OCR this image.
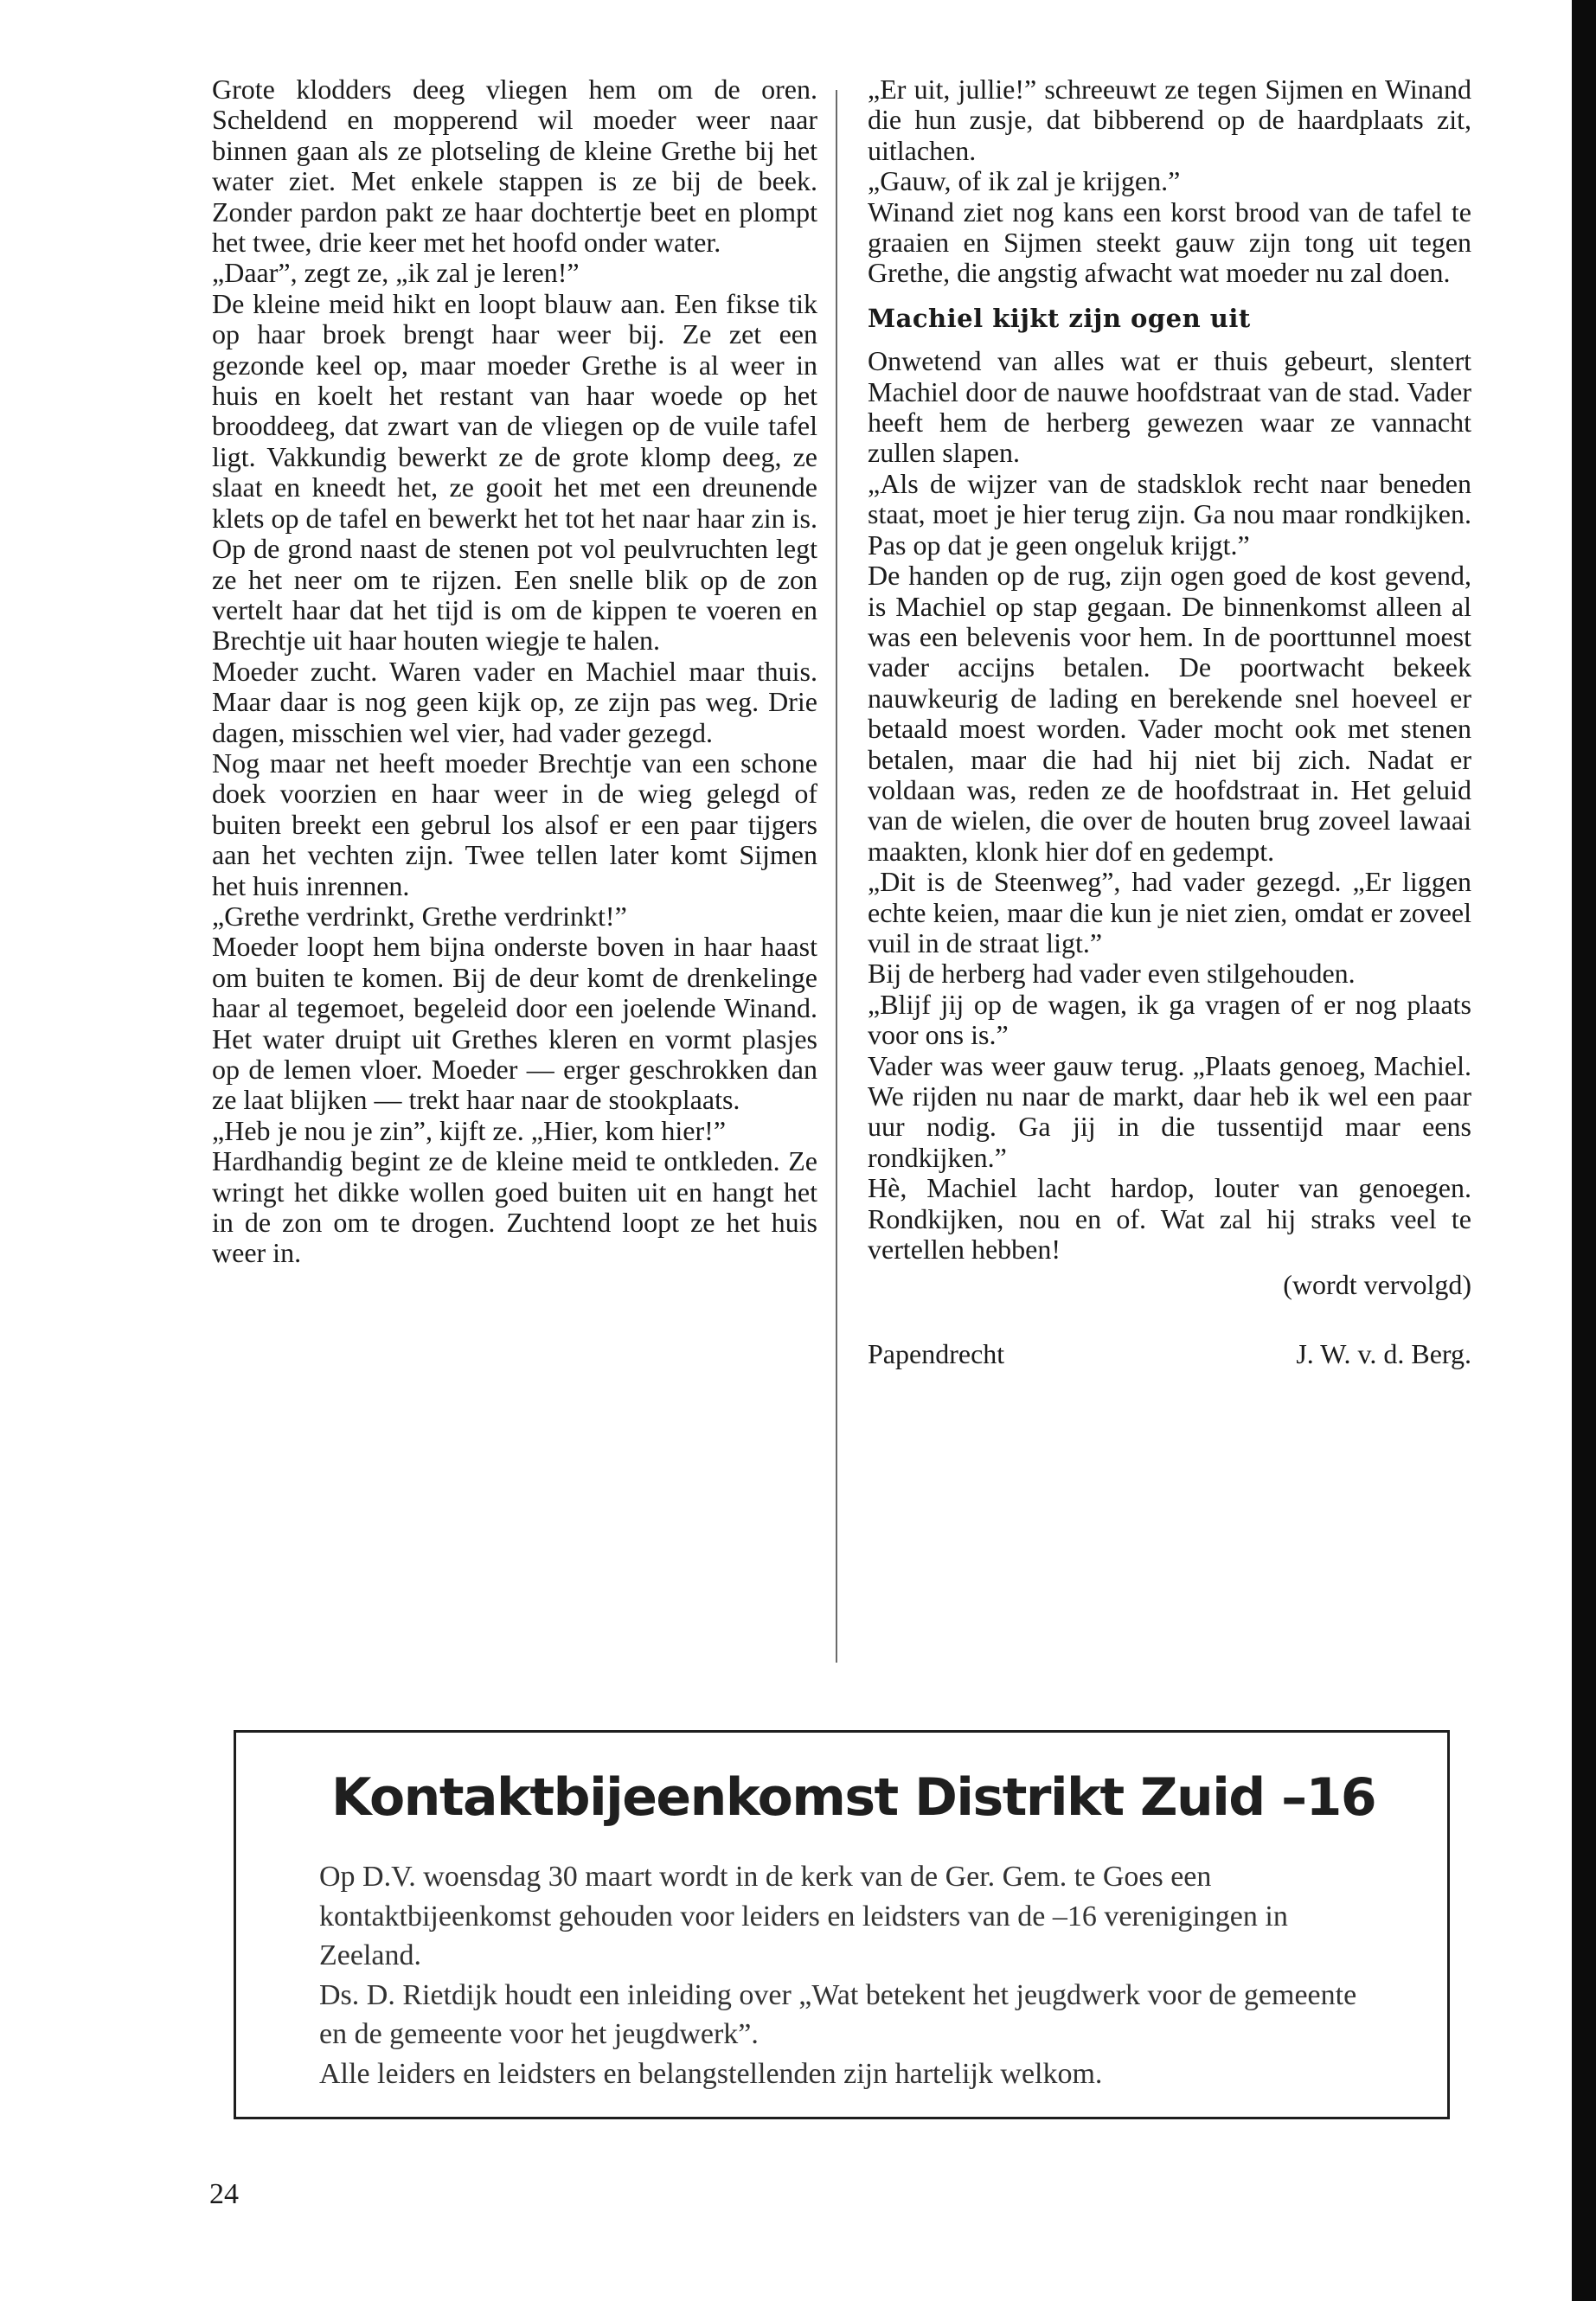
Grote klodders deeg vliegen hem om de oren. Scheldend en mopperend wil moeder weer naar binnen gaan als ze plotseling de kleine Grethe bij het water ziet. Met enkele stappen is ze bij de beek. Zonder pardon pakt ze haar dochtertje beet en plompt het twee, drie keer met het hoofd onder water.

„Daar”, zegt ze, „ik zal je leren!”

De kleine meid hikt en loopt blauw aan. Een fikse tik op haar broek brengt haar weer bij. Ze zet een gezonde keel op, maar moeder Grethe is al weer in huis en koelt het restant van haar woede op het brooddeeg, dat zwart van de vliegen op de vuile tafel ligt. Vakkundig bewerkt ze de grote klomp deeg, ze slaat en kneedt het, ze gooit het met een dreunende klets op de tafel en bewerkt het tot het naar haar zin is. Op de grond naast de stenen pot vol peulvruchten legt ze het neer om te rijzen. Een snelle blik op de zon vertelt haar dat het tijd is om de kippen te voeren en Brechtje uit haar houten wiegje te halen.

Moeder zucht. Waren vader en Machiel maar thuis. Maar daar is nog geen kijk op, ze zijn pas weg. Drie dagen, misschien wel vier, had vader gezegd.

Nog maar net heeft moeder Brechtje van een schone doek voorzien en haar weer in de wieg gelegd of buiten breekt een gebrul los alsof er een paar tijgers aan het vechten zijn. Twee tellen later komt Sijmen het huis inrennen.

„Grethe verdrinkt, Grethe verdrinkt!”

Moeder loopt hem bijna onderste boven in haar haast om buiten te komen. Bij de deur komt de drenkelinge haar al tegemoet, begeleid door een joelende Winand. Het water druipt uit Grethes kleren en vormt plasjes op de lemen vloer. Moeder — erger geschrokken dan ze laat blijken — trekt haar naar de stookplaats.

„Heb je nou je zin”, kijft ze. „Hier, kom hier!”

Hardhandig begint ze de kleine meid te ontkleden. Ze wringt het dikke wollen goed buiten uit en hangt het in de zon om te drogen. Zuchtend loopt ze het huis weer in.

„Er uit, jullie!” schreeuwt ze tegen Sijmen en Winand die hun zusje, dat bibberend op de haardplaats zit, uitlachen.

„Gauw, of ik zal je krijgen.”

Winand ziet nog kans een korst brood van de tafel te graaien en Sijmen steekt gauw zijn tong uit tegen Grethe, die angstig afwacht wat moeder nu zal doen.

Machiel kijkt zijn ogen uit

Onwetend van alles wat er thuis gebeurt, slentert Machiel door de nauwe hoofdstraat van de stad. Vader heeft hem de herberg gewezen waar ze vannacht zullen slapen.

„Als de wijzer van de stadsklok recht naar beneden staat, moet je hier terug zijn. Ga nou maar rondkijken. Pas op dat je geen ongeluk krijgt.”

De handen op de rug, zijn ogen goed de kost gevend, is Machiel op stap gegaan. De binnenkomst alleen al was een belevenis voor hem. In de poorttunnel moest vader accijns betalen. De poortwacht bekeek nauwkeurig de lading en berekende snel hoeveel er betaald moest worden. Vader mocht ook met stenen betalen, maar die had hij niet bij zich. Nadat er voldaan was, reden ze de hoofdstraat in. Het geluid van de wielen, die over de houten brug zoveel lawaai maakten, klonk hier dof en gedempt.

„Dit is de Steenweg”, had vader gezegd. „Er liggen echte keien, maar die kun je niet zien, omdat er zoveel vuil in de straat ligt.”

Bij de herberg had vader even stilgehouden.

„Blijf jij op de wagen, ik ga vragen of er nog plaats voor ons is.”

Vader was weer gauw terug. „Plaats genoeg, Machiel. We rijden nu naar de markt, daar heb ik wel een paar uur nodig. Ga jij in die tussentijd maar eens rondkijken.”

Hè, Machiel lacht hardop, louter van genoegen. Rondkijken, nou en of. Wat zal hij straks veel te vertellen hebben!

(wordt vervolgd)

Papendrecht	J. W. v. d. Berg.

Kontaktbijeenkomst Distrikt Zuid –16

Op D.V. woensdag 30 maart wordt in de kerk van de Ger. Gem. te Goes een kontaktbijeenkomst gehouden voor leiders en leidsters van de –16 verenigingen in Zeeland.

Ds. D. Rietdijk houdt een inleiding over „Wat betekent het jeugdwerk voor de gemeente en de gemeente voor het jeugdwerk”.

Alle leiders en leidsters en belangstellenden zijn hartelijk welkom.

24
